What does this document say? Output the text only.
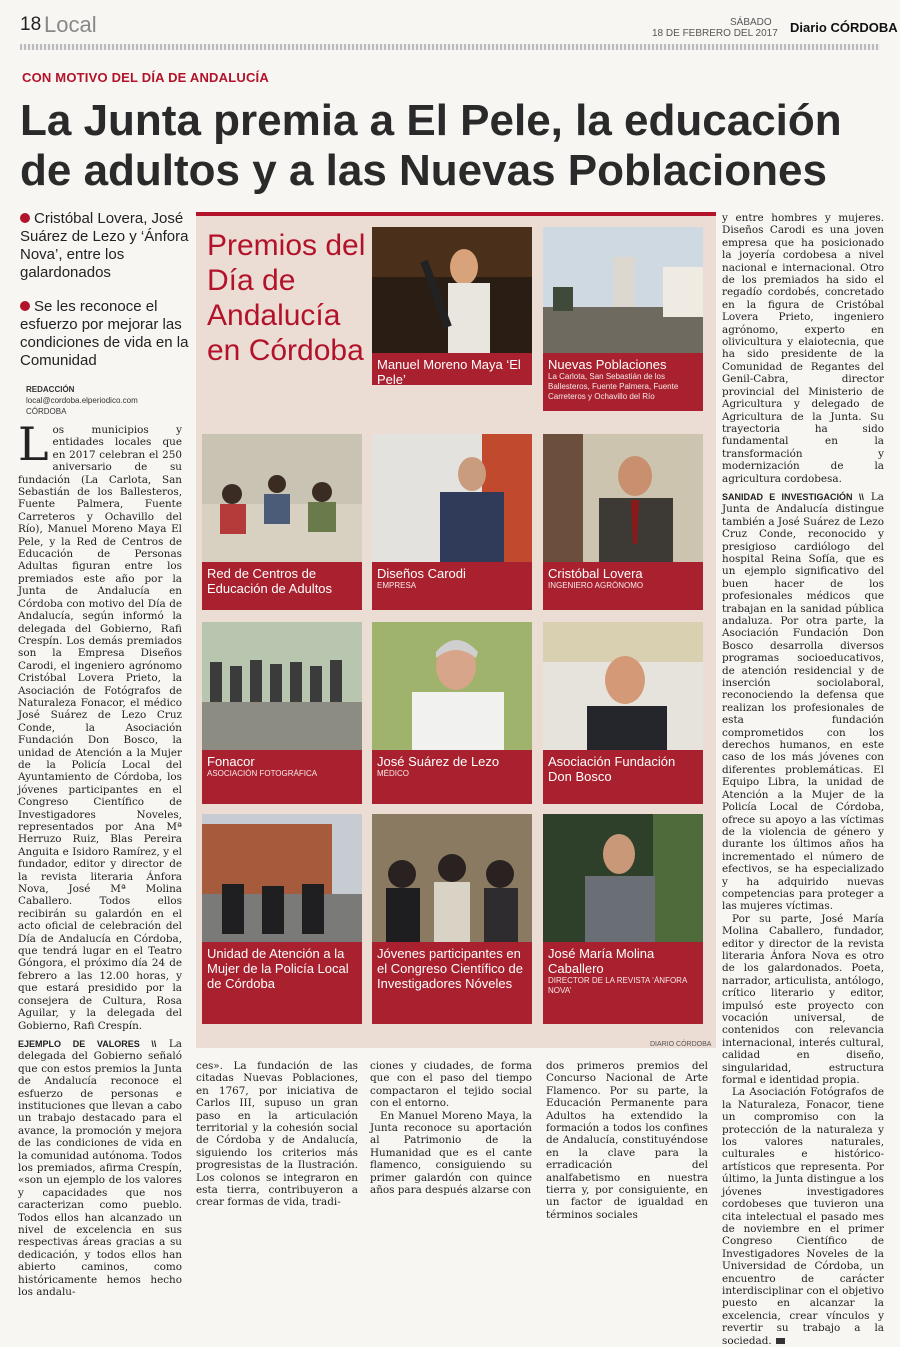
18 Local	SÁBADO
18 DE FEBRERO DEL 2017 Diario CÓRDOBA
CON MOTIVO DEL DÍA DE ANDALUCÍA
La Junta premia a El Pele, la educación
de adultos y a las Nuevas Poblaciones
Cristóbal Lovera, José Suárez de Lezo y ‘Ánfora Nova’, entre los galardonados
Se les reconoce el esfuerzo por mejorar las condiciones de vida en la Comunidad
REDACCIÓN
local@cordoba.elperiodico.com
CÓRDOBA

Los municipios y entidades locales que en 2017 celebran el 250 aniversario de su fundación (La Carlota, San Sebastián de los Ballesteros, Fuente Palmera, Fuente Carreteros y Ochavillo del Río), Manuel Moreno Maya El Pele, y la Red de Centros de Educación de Personas Adultas figuran entre los premiados este año por la Junta de Andalucía en Córdoba con motivo del Día de Andalucía, según informó la delegada del Gobierno, Rafi Crespín. Los demás premiados son la Empresa Diseños Carodi, el ingeniero agrónomo Cristóbal Lovera Prieto, la Asociación de Fotógrafos de Naturaleza Fonacor, el médico José Suárez de Lezo Cruz Conde, la Asociación Fundación Don Bosco, la unidad de Atención a la Mujer de la Policía Local del Ayuntamiento de Córdoba, los jóvenes participantes en el Congreso Científico de Investigadores Noveles, representados por Ana Mª Herruzo Ruiz, Blas Pereira Anguita e Isidoro Ramírez, y el fundador, editor y director de la revista literaria Ánfora Nova, José Mª Molina Caballero. Todos ellos recibirán su galardón en el acto oficial de celebración del Día de Andalucía en Córdoba, que tendrá lugar en el Teatro Góngora, el próximo día 24 de febrero a las 12.00 horas, y que estará presidido por la consejera de Cultura, Rosa Aguilar, y la delegada del Gobierno, Rafi Crespín.

EJEMPLO DE VALORES \\ La delegada del Gobierno señaló que con estos premios la Junta de Andalucía reconoce el esfuerzo de personas e instituciones que llevan a cabo un trabajo destacado para el avance, la promoción y mejora de las condiciones de vida en la comunidad autónoma. Todos los premiados, afirma Crespín, «son un ejemplo de los valores y capacidades que nos caracterizan como pueblo. Todos ellos han alcanzado un nivel de excelencia en sus respectivas áreas gracias a su dedicación, y todos ellos han abierto caminos, como históricamente hemos hecho los andalu-

Premios del Día de Andalucía en Córdoba Manuel Moreno Maya ‘El Pele’
Nuevas Poblaciones
La Carlota, San Sebastián de los Ballesteros, Fuente Palmera, Fuente Carreteros y Ochavillo del Río
Red de Centros de Educación de Adultos
Diseños Carodi
EMPRESA
Cristóbal Lovera
INGENIERO AGRÓNOMO
Fonacor
ASOCIACIÓN FOTOGRÁFICA
José Suárez de Lezo
MÉDICO
Asociación Fundación Don Bosco
Unidad de Atención a la Mujer de la Policía Local de Córdoba
Jóvenes participantes en el Congreso Científico de Investigadores Nóveles
José María Molina Caballero
DIRECTOR DE LA REVISTA ‘ÁNFORA NOVA’
DIARIO CÓRDOBA

ces». La fundación de las citadas Nuevas Poblaciones, en 1767, por iniciativa de Carlos III, supuso un gran paso en la articulación territorial y la cohesión social de Córdoba y de Andalucía, siguiendo los criterios más progresistas de la Ilustración. Los colonos se integraron en esta tierra, contribuyeron a crear formas de vida, tradi-

ciones y ciudades, de forma que con el paso del tiempo compactaron el tejido social con el entorno.

En Manuel Moreno Maya, la Junta reconoce su aportación al Patrimonio de la Humanidad que es el cante flamenco, consiguiendo su primer galardón con quince años para después alzarse con

dos primeros premios del Concurso Nacional de Arte Flamenco. Por su parte, la Educación Permanente para Adultos ha extendido la formación a todos los confines de Andalucía, constituyéndose en la clave para la erradicación del analfabetismo en nuestra tierra y, por consiguiente, en un factor de igualdad en términos sociales

y entre hombres y mujeres. Diseños Carodi es una joven empresa que ha posicionado la joyería cordobesa a nivel nacional e internacional. Otro de los premiados ha sido el regadío cordobés, concretado en la figura de Cristóbal Lovera Prieto, ingeniero agrónomo, experto en olivicultura y elaiotecnia, que ha sido presidente de la Comunidad de Regantes del Genil-Cabra, director provincial del Ministerio de Agricultura y delegado de Agricultura de la Junta. Su trayectoria ha sido fundamental en la transformación y modernización de la agricultura cordobesa.

SANIDAD E INVESTIGACIÓN \\ La Junta de Andalucía distingue también a José Suárez de Lezo Cruz Conde, reconocido y presigioso cardiólogo del hospital Reina Sofía, que es un ejemplo significativo del buen hacer de los profesionales médicos que trabajan en la sanidad pública andaluza. Por otra parte, la Asociación Fundación Don Bosco desarrolla diversos programas socioeducativos, de atención residencial y de inserción sociolaboral, reconociendo la defensa que realizan los profesionales de esta fundación comprometidos con los derechos humanos, en este caso de los más jóvenes con diferentes problemáticas. El Equipo Libra, la unidad de Atención a la Mujer de la Policía Local de Córdoba, ofrece su apoyo a las víctimas de la violencia de género y durante los últimos años ha incrementado el número de efectivos, se ha especializado y ha adquirido nuevas competencias para proteger a las mujeres víctimas.

Por su parte, José María Molina Caballero, fundador, editor y director de la revista literaria Ánfora Nova es otro de los galardonados. Poeta, narrador, articulista, antólogo, crítico literario y editor, impulsó este proyecto con vocación universal, de contenidos con relevancia internacional, interés cultural, calidad en diseño, singularidad, estructura formal e identidad propia.

La Asociación Fotógrafos de la Naturaleza, Fonacor, tiene un compromiso con la protección de la naturaleza y los valores naturales, culturales e histórico-artísticos que representa. Por último, la Junta distingue a los jóvenes investigadores cordobeses que tuvieron una cita intelectual el pasado mes de noviembre en el primer Congreso Científico de Investigadores Noveles de la Universidad de Córdoba, un encuentro de carácter interdisciplinar con el objetivo puesto en alcanzar la excelencia, crear vínculos y revertir su trabajo a la sociedad.
